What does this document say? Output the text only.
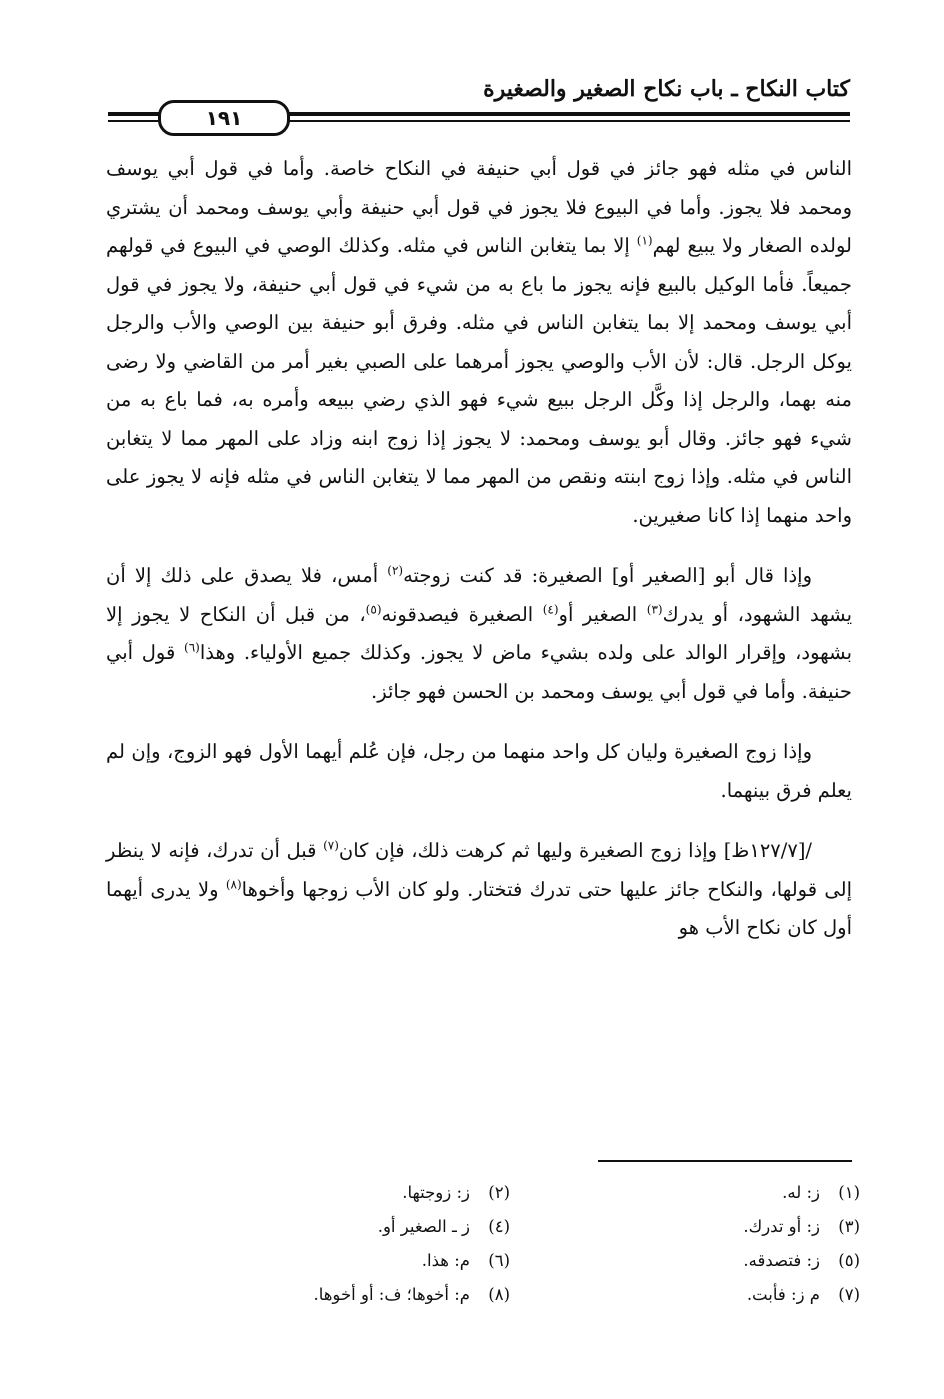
كتاب النكاح ـ باب نكاح الصغير والصغيرة
١٩١

الناس في مثله فهو جائز في قول أبي حنيفة في النكاح خاصة. وأما في قول أبي يوسف ومحمد فلا يجوز. وأما في البيوع فلا يجوز في قول أبي حنيفة وأبي يوسف ومحمد أن يشتري لولده الصغار ولا يبيع لهم$^{(١)}$ إلا بما يتغابن الناس في مثله. وكذلك الوصي في البيوع في قولهم جميعاً. فأما الوكيل بالبيع فإنه يجوز ما باع به من شيء في قول أبي حنيفة، ولا يجوز في قول أبي يوسف ومحمد إلا بما يتغابن الناس في مثله. وفرق أبو حنيفة بين الوصي والأب والرجل يوكل الرجل. قال: لأن الأب والوصي يجوز أمرهما على الصبي بغير أمر من القاضي ولا رضى منه بهما، والرجل إذا وكَّل الرجل ببيع شيء فهو الذي رضي ببيعه وأمره به، فما باع به من شيء فهو جائز. وقال أبو يوسف ومحمد: لا يجوز إذا زوج ابنه وزاد على المهر مما لا يتغابن الناس في مثله. وإذا زوج ابنته ونقص من المهر مما لا يتغابن الناس في مثله فإنه لا يجوز على واحد منهما إذا كانا صغيرين.

وإذا قال أبو [الصغير أو] الصغيرة: قد كنت زوجته$^{(٢)}$ أمس، فلا يصدق على ذلك إلا أن يشهد الشهود، أو يدرك$^{(٣)}$ الصغير أو$^{(٤)}$ الصغيرة فيصدقونه$^{(٥)}$، من قبل أن النكاح لا يجوز إلا بشهود، وإقرار الوالد على ولده بشيء ماض لا يجوز. وكذلك جميع الأولياء. وهذا$^{(٦)}$ قول أبي حنيفة. وأما في قول أبي يوسف ومحمد بن الحسن فهو جائز.

وإذا زوج الصغيرة وليان كل واحد منهما من رجل، فإن عُلم أيهما الأول فهو الزوج، وإن لم يعلم فرق بينهما.

/[١٢٧/٧ظ] وإذا زوج الصغيرة وليها ثم كرهت ذلك، فإن كان$^{(٧)}$ قبل أن تدرك، فإنه لا ينظر إلى قولها، والنكاح جائز عليها حتى تدرك فتختار. ولو كان الأب زوجها وأخوها$^{(٨)}$ ولا يدرى أيهما أول كان نكاح الأب هو

(١)ز: له.
(٢)ز: زوجتها.
(٣)ز: أو تدرك.
(٤)ز ـ الصغير أو.
(٥)ز: فتصدقه.
(٦)م: هذا.
(٧)م ز: فأبت.
(٨)م: أخوها؛ ف: أو أخوها.
